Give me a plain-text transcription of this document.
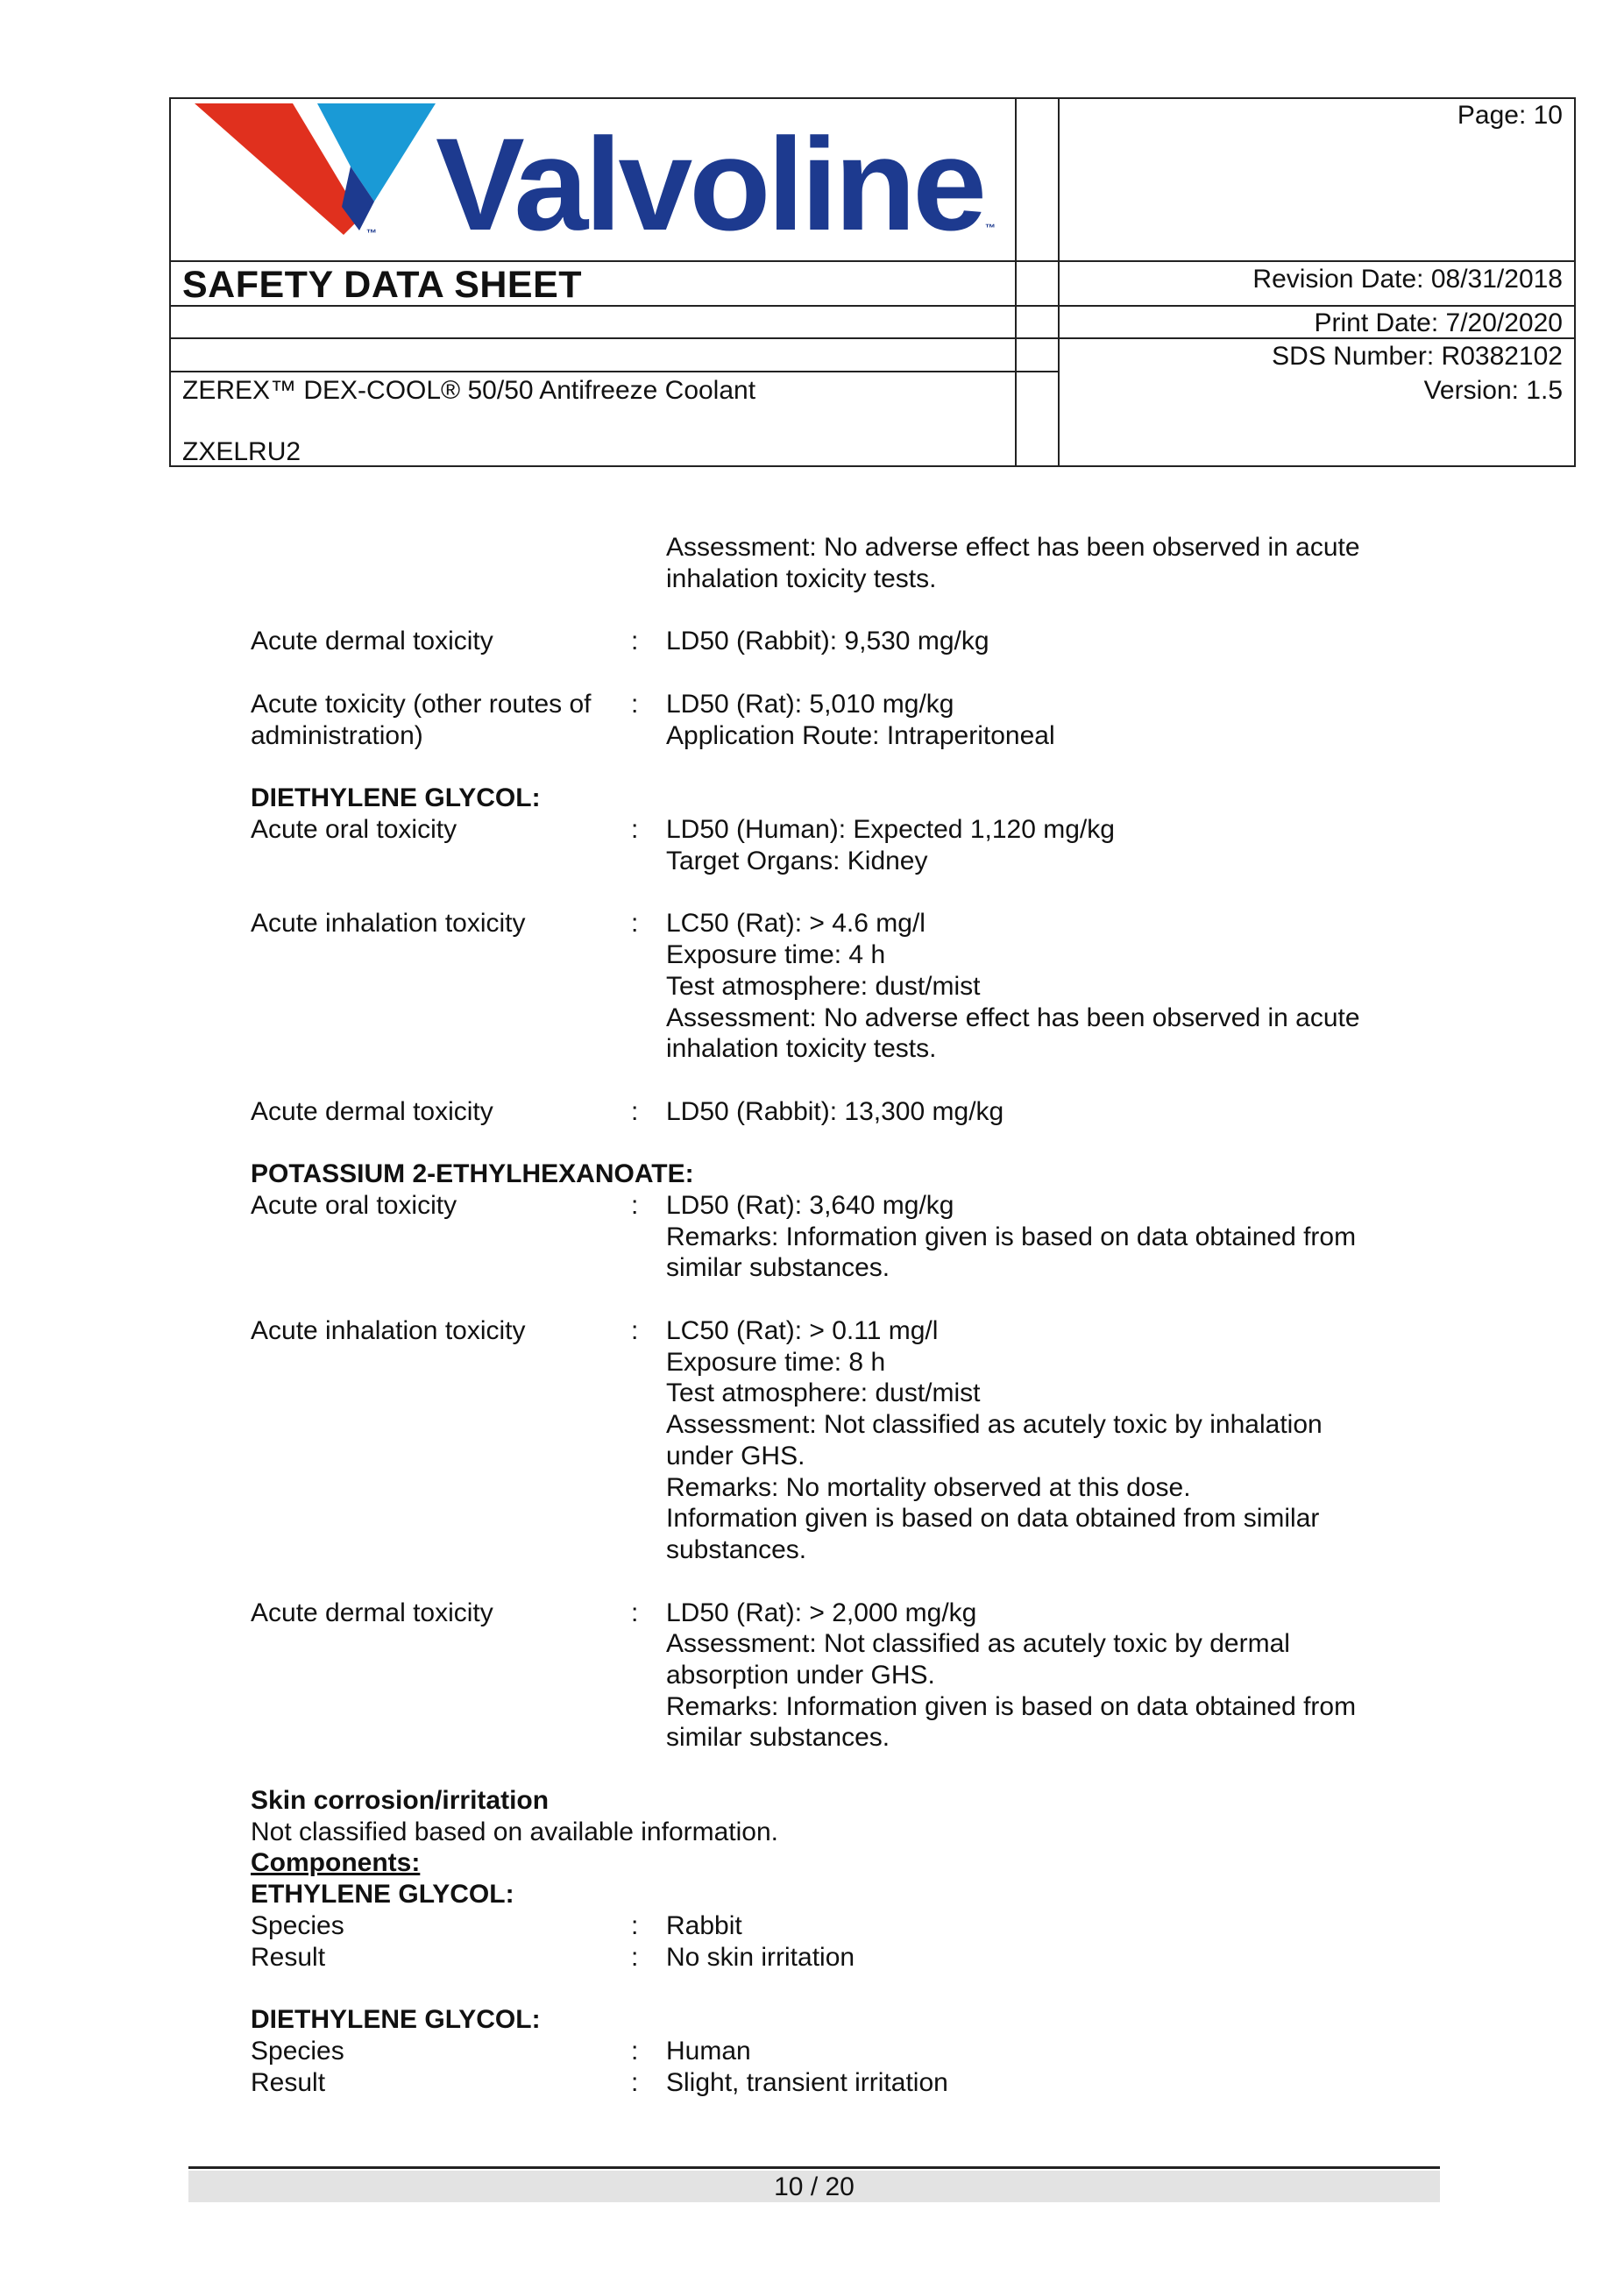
™ Valvoline ™
Page: 10
SAFETY DATA SHEET	Revision Date: 08/31/2018
Print Date: 7/20/2020
SDS Number: R0382102
Version: 1.5
ZEREX™ DEX-COOL® 50/50 Antifreeze Coolant
ZXELRU2
Assessment: No adverse effect has been observed in acute
inhalation toxicity tests.
Acute dermal toxicity	: LD50 (Rabbit): 9,530 mg/kg
Acute toxicity (other routes of
administration)
: LD50 (Rat): 5,010 mg/kg
Application Route: Intraperitoneal
DIETHYLENE GLYCOL:
Acute oral toxicity	: LD50 (Human): Expected 1,120 mg/kg
Target Organs: Kidney
Acute inhalation toxicity	: LC50 (Rat): > 4.6 mg/l
Exposure time: 4 h
Test atmosphere: dust/mist
Assessment: No adverse effect has been observed in acute
inhalation toxicity tests.
Acute dermal toxicity	: LD50 (Rabbit): 13,300 mg/kg
POTASSIUM 2-ETHYLHEXANOATE:
Acute oral toxicity	: LD50 (Rat): 3,640 mg/kg
Remarks: Information given is based on data obtained from
similar substances.
Acute inhalation toxicity	: LC50 (Rat): > 0.11 mg/l
Exposure time: 8 h
Test atmosphere: dust/mist
Assessment: Not classified as acutely toxic by inhalation
under GHS.
Remarks: No mortality observed at this dose.
Information given is based on data obtained from similar
substances.
Acute dermal toxicity	: LD50 (Rat): > 2,000 mg/kg
Assessment: Not classified as acutely toxic by dermal
absorption under GHS.
Remarks: Information given is based on data obtained from
similar substances.
Skin corrosion/irritation
Not classified based on available information.
Components:
ETHYLENE GLYCOL:
Species	: Rabbit
Result	: No skin irritation
DIETHYLENE GLYCOL:
Species	: Human
Result	: Slight, transient irritation
10 / 20
